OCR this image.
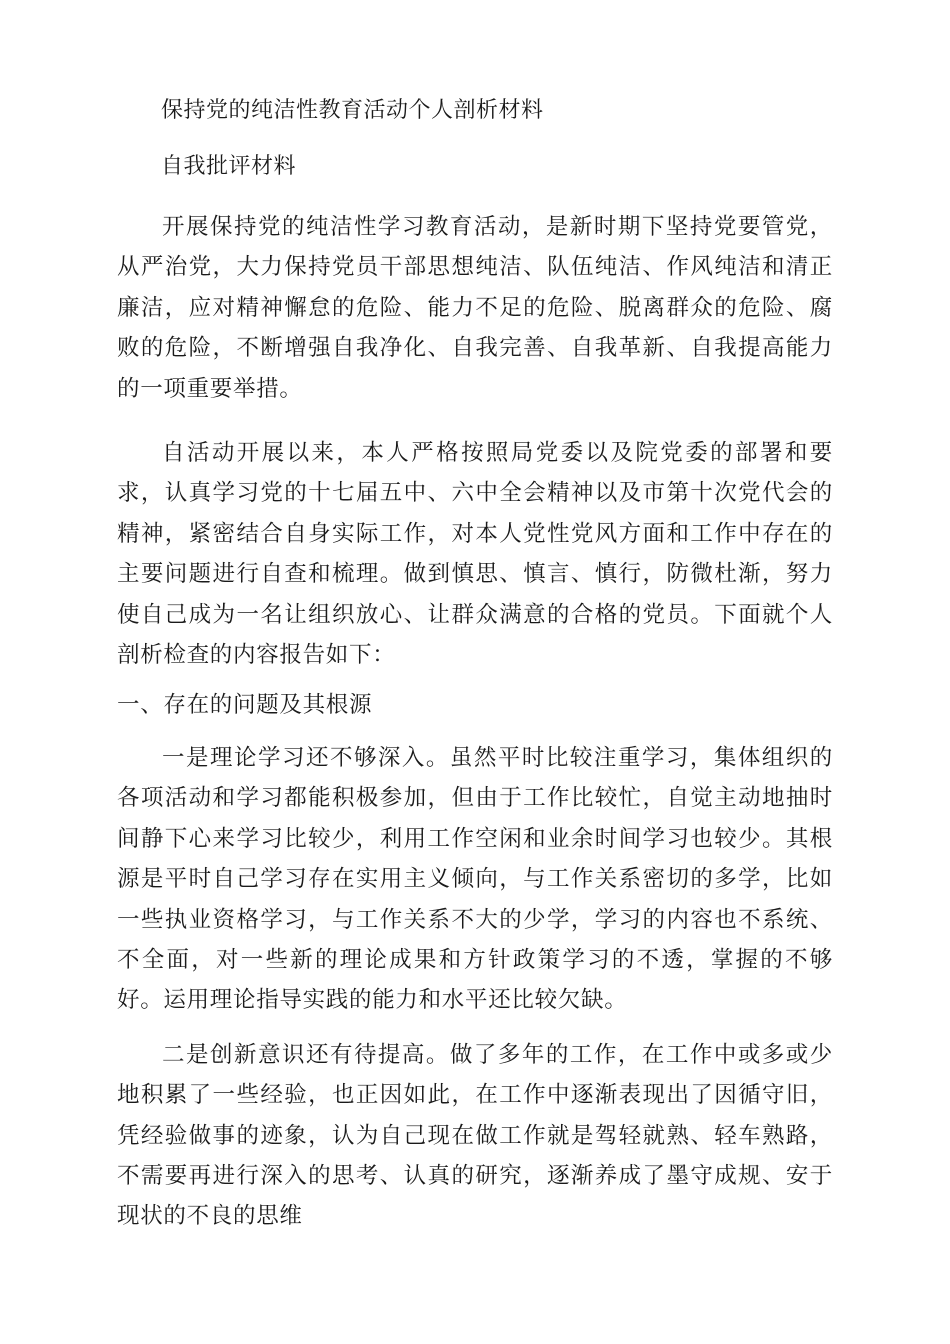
保持党的纯洁性教育活动个人剖析材料

自我批评材料

开展保持党的纯洁性学习教育活动，是新时期下坚持党要管党，从严治党，大力保持党员干部思想纯洁、队伍纯洁、作风纯洁和清正廉洁，应对精神懈怠的危险、能力不足的危险、脱离群众的危险、腐败的危险，不断增强自我净化、自我完善、自我革新、自我提高能力的一项重要举措。

自活动开展以来，本人严格按照局党委以及院党委的部署和要求，认真学习党的十七届五中、六中全会精神以及市第十次党代会的精神，紧密结合自身实际工作，对本人党性党风方面和工作中存在的主要问题进行自查和梳理。做到慎思、慎言、慎行，防微杜渐，努力使自己成为一名让组织放心、让群众满意的合格的党员。下面就个人剖析检查的内容报告如下：

一、存在的问题及其根源

一是理论学习还不够深入。虽然平时比较注重学习，集体组织的各项活动和学习都能积极参加，但由于工作比较忙，自觉主动地抽时间静下心来学习比较少，利用工作空闲和业余时间学习也较少。其根源是平时自己学习存在实用主义倾向，与工作关系密切的多学，比如一些执业资格学习，与工作关系不大的少学，学习的内容也不系统、不全面，对一些新的理论成果和方针政策学习的不透，掌握的不够好。运用理论指导实践的能力和水平还比较欠缺。

二是创新意识还有待提高。做了多年的工作，在工作中或多或少地积累了一些经验，也正因如此，在工作中逐渐表现出了因循守旧，凭经验做事的迹象，认为自己现在做工作就是驾轻就熟、轻车熟路，不需要再进行深入的思考、认真的研究，逐渐养成了墨守成规、安于现状的不良的思维
